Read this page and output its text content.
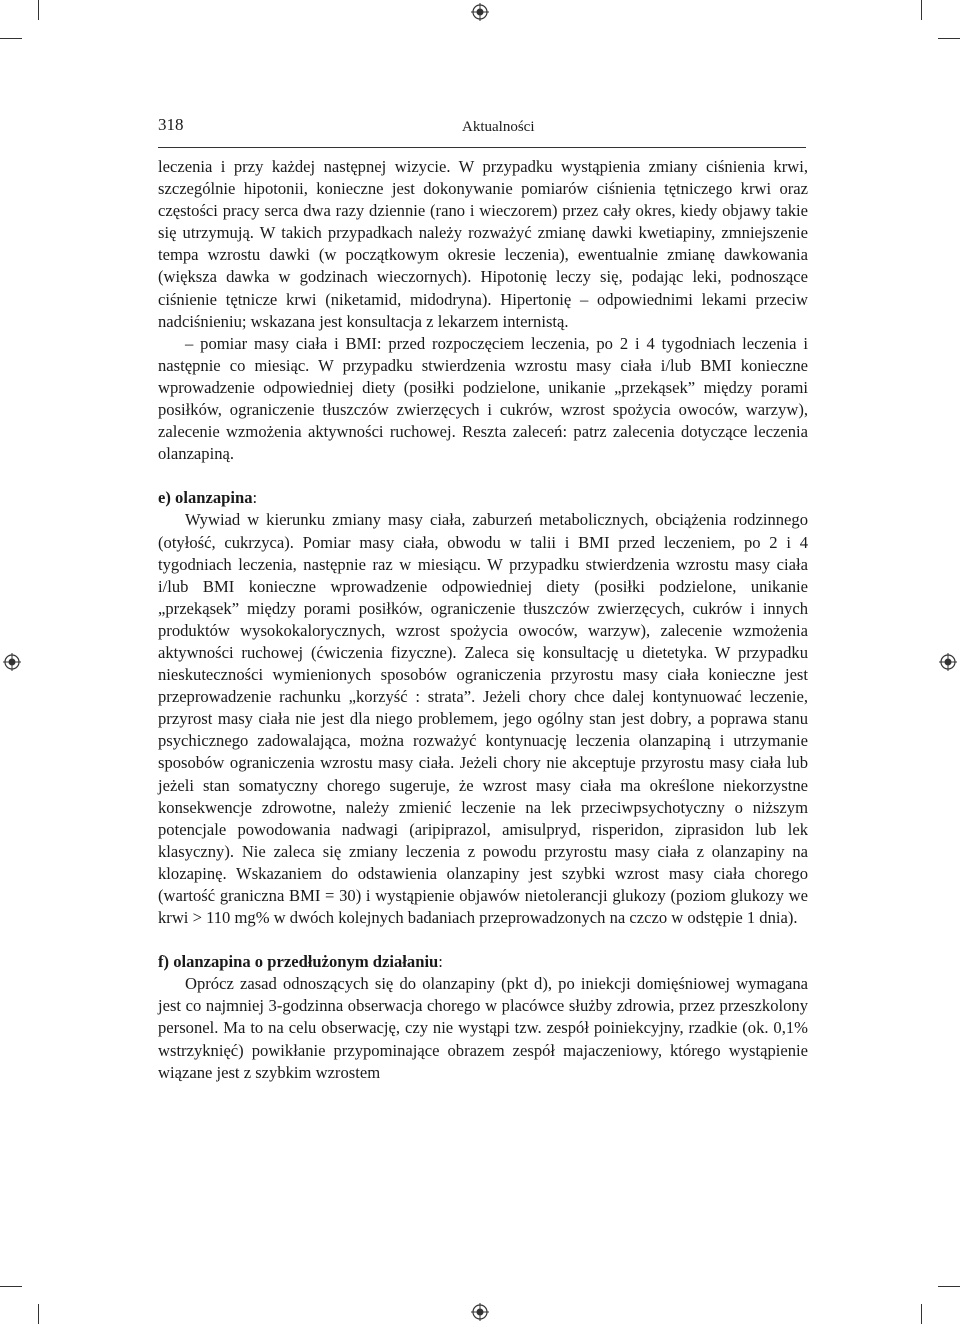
318	Aktualności

leczenia i przy każdej następnej wizycie. W przypadku wystąpienia zmiany ciśnienia krwi, szczególnie hipotonii, konieczne jest dokonywanie pomiarów ciśnienia tętniczego krwi oraz częstości pracy serca dwa razy dziennie (rano i wieczorem) przez cały okres, kiedy objawy takie się utrzymują. W takich przypadkach należy rozważyć zmianę dawki kwetiapiny, zmniejszenie tempa wzrostu dawki (w początkowym okresie leczenia), ewentualnie zmianę dawkowania (większa dawka w godzinach wieczornych). Hipotonię leczy się, podając leki, podnoszące ciśnienie tętnicze krwi (niketamid, midodryna). Hipertonię – odpowiednimi lekami przeciw nadciśnieniu; wskazana jest konsultacja z lekarzem internistą.

– pomiar masy ciała i BMI: przed rozpoczęciem leczenia, po 2 i 4 tygodniach leczenia i następnie co miesiąc. W przypadku stwierdzenia wzrostu masy ciała i/lub BMI konieczne wprowadzenie odpowiedniej diety (posiłki podzielone, unikanie „przekąsek” między porami posiłków, ograniczenie tłuszczów zwierzęcych i cukrów, wzrost spożycia owoców, warzyw), zalecenie wzmożenia aktywności ruchowej. Reszta zaleceń: patrz zalecenia dotyczące leczenia olanzapiną.

e) olanzapina:

Wywiad w kierunku zmiany masy ciała, zaburzeń metabolicznych, obciążenia rodzinnego (otyłość, cukrzyca). Pomiar masy ciała, obwodu w talii i BMI przed leczeniem, po 2 i 4 tygodniach leczenia, następnie raz w miesiącu. W przypadku stwierdzenia wzrostu masy ciała i/lub BMI konieczne wprowadzenie odpowiedniej diety (posiłki podzielone, unikanie „przekąsek” między porami posiłków, ograniczenie tłuszczów zwierzęcych, cukrów i innych produktów wysokokalorycznych, wzrost spożycia owoców, warzyw), zalecenie wzmożenia aktywności ruchowej (ćwiczenia fizyczne). Zaleca się konsultację u dietetyka. W przypadku nieskuteczności wymienionych sposobów ograniczenia przyrostu masy ciała konieczne jest przeprowadzenie rachunku „korzyść : strata”. Jeżeli chory chce dalej kontynuować leczenie, przyrost masy ciała nie jest dla niego problemem, jego ogólny stan jest dobry, a poprawa stanu psychicznego zadowalająca, można rozważyć kontynuację leczenia olanzapiną i utrzymanie sposobów ograniczenia wzrostu masy ciała. Jeżeli chory nie akceptuje przyrostu masy ciała lub jeżeli stan somatyczny chorego sugeruje, że wzrost masy ciała ma określone niekorzystne konsekwencje zdrowotne, należy zmienić leczenie na lek przeciwpsychotyczny o niższym potencjale powodowania nadwagi (aripiprazol, amisulpryd, risperidon, ziprasidon lub lek klasyczny). Nie zaleca się zmiany leczenia z powodu przyrostu masy ciała z olanzapiny na klozapinę. Wskazaniem do odstawienia olanzapiny jest szybki wzrost masy ciała chorego (wartość graniczna BMI = 30) i wystąpienie objawów nietolerancji glukozy (poziom glukozy we krwi > 110 mg% w dwóch kolejnych badaniach przeprowadzonych na czczo w odstępie 1 dnia).

f) olanzapina o przedłużonym działaniu:

Oprócz zasad odnoszących się do olanzapiny (pkt d), po iniekcji domięśniowej wymagana jest co najmniej 3-godzinna obserwacja chorego w placówce służby zdrowia, przez przeszkolony personel. Ma to na celu obserwację, czy nie wystąpi tzw. zespół poiniekcyjny, rzadkie (ok. 0,1% wstrzyknięć) powikłanie przypominające obrazem zespół majaczeniowy, którego wystąpienie wiązane jest z szybkim wzrostem
